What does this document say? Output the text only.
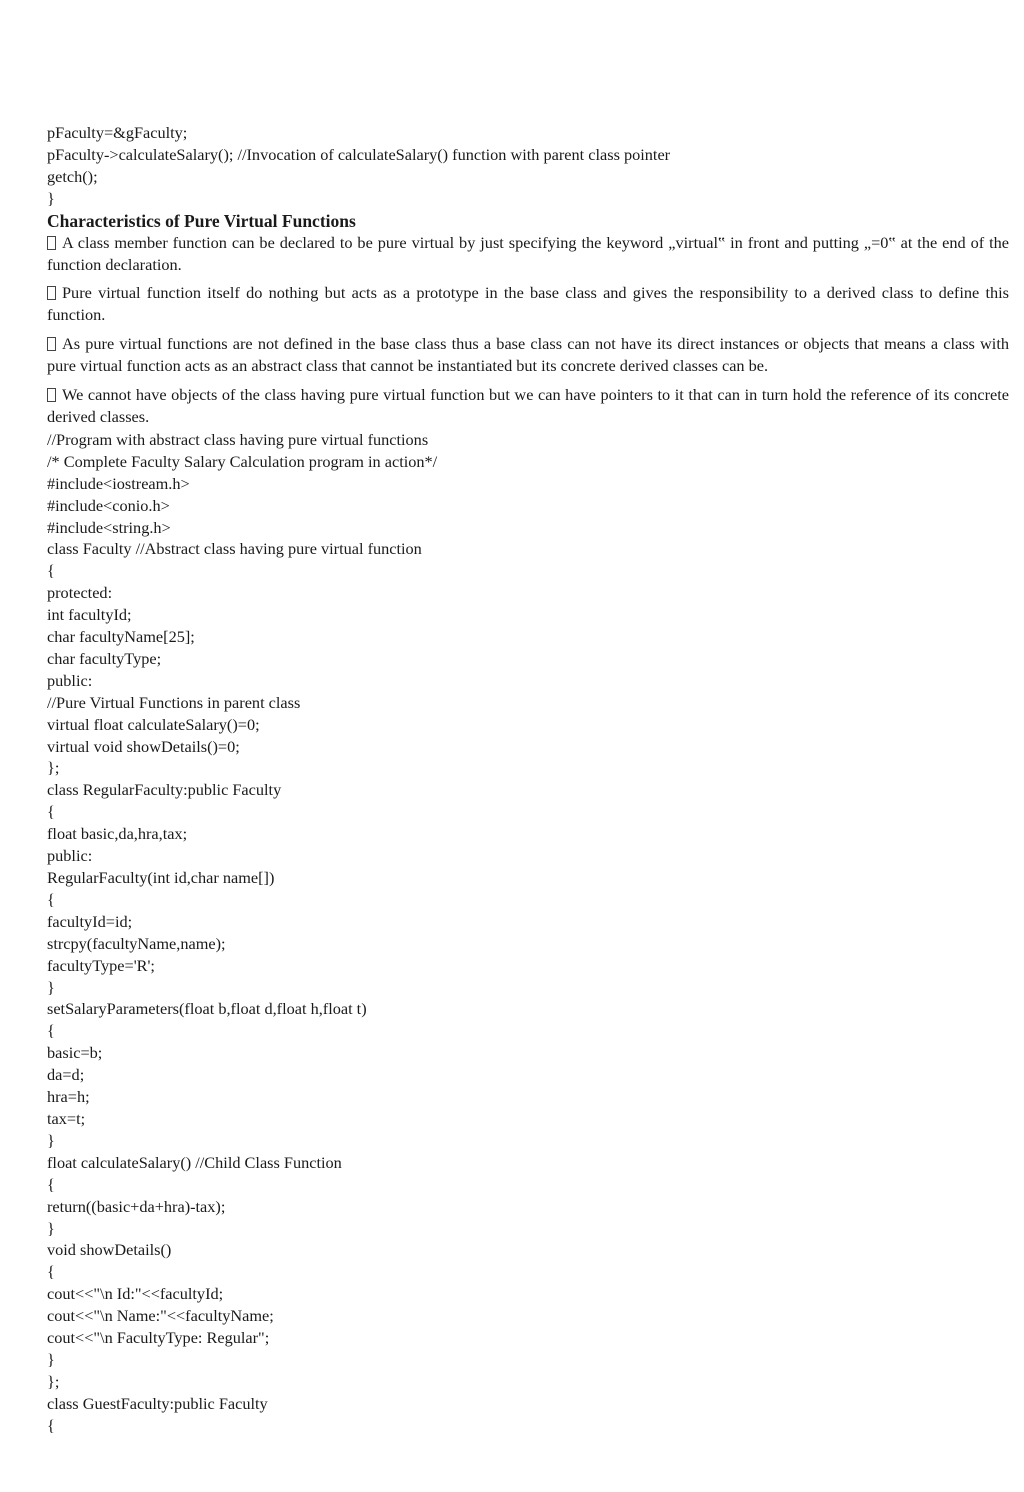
pFaculty=&gFaculty;

pFaculty->calculateSalary(); //Invocation of calculateSalary() function with parent class pointer

getch();

}

Characteristics of Pure Virtual Functions

A class member function can be declared to be pure virtual by just specifying the keyword „virtual‟ in front and putting „=0‟ at the end of the function declaration.

Pure virtual function itself do nothing but acts as a prototype in the base class and gives the responsibility to a derived class to define this function.

As pure virtual functions are not defined in the base class thus a base class can not have its direct instances or objects that means a class with pure virtual function acts as an abstract class that cannot be instantiated but its concrete derived classes can be.

We cannot have objects of the class having pure virtual function but we can have pointers to it that can in turn hold the reference of its concrete derived classes.

//Program with abstract class having pure virtual functions

/* Complete Faculty Salary Calculation program in action*/

#include<iostream.h>

#include<conio.h>

#include<string.h>

class Faculty //Abstract class having pure virtual function

{

protected:

int facultyId;

char facultyName[25];

char facultyType;

public:

//Pure Virtual Functions in parent class

virtual float calculateSalary()=0;

virtual void showDetails()=0;

};

class RegularFaculty:public Faculty

{

float basic,da,hra,tax;

public:

RegularFaculty(int id,char name[])

{

facultyId=id;

strcpy(facultyName,name);

facultyType='R';

}

setSalaryParameters(float b,float d,float h,float t)

{

basic=b;

da=d;

hra=h;

tax=t;

}

float calculateSalary() //Child Class Function

{

return((basic+da+hra)-tax);

}

void showDetails()

{

cout<<"\n Id:"<<facultyId;

cout<<"\n Name:"<<facultyName;

cout<<"\n FacultyType: Regular";

}

};

class GuestFaculty:public Faculty

{
